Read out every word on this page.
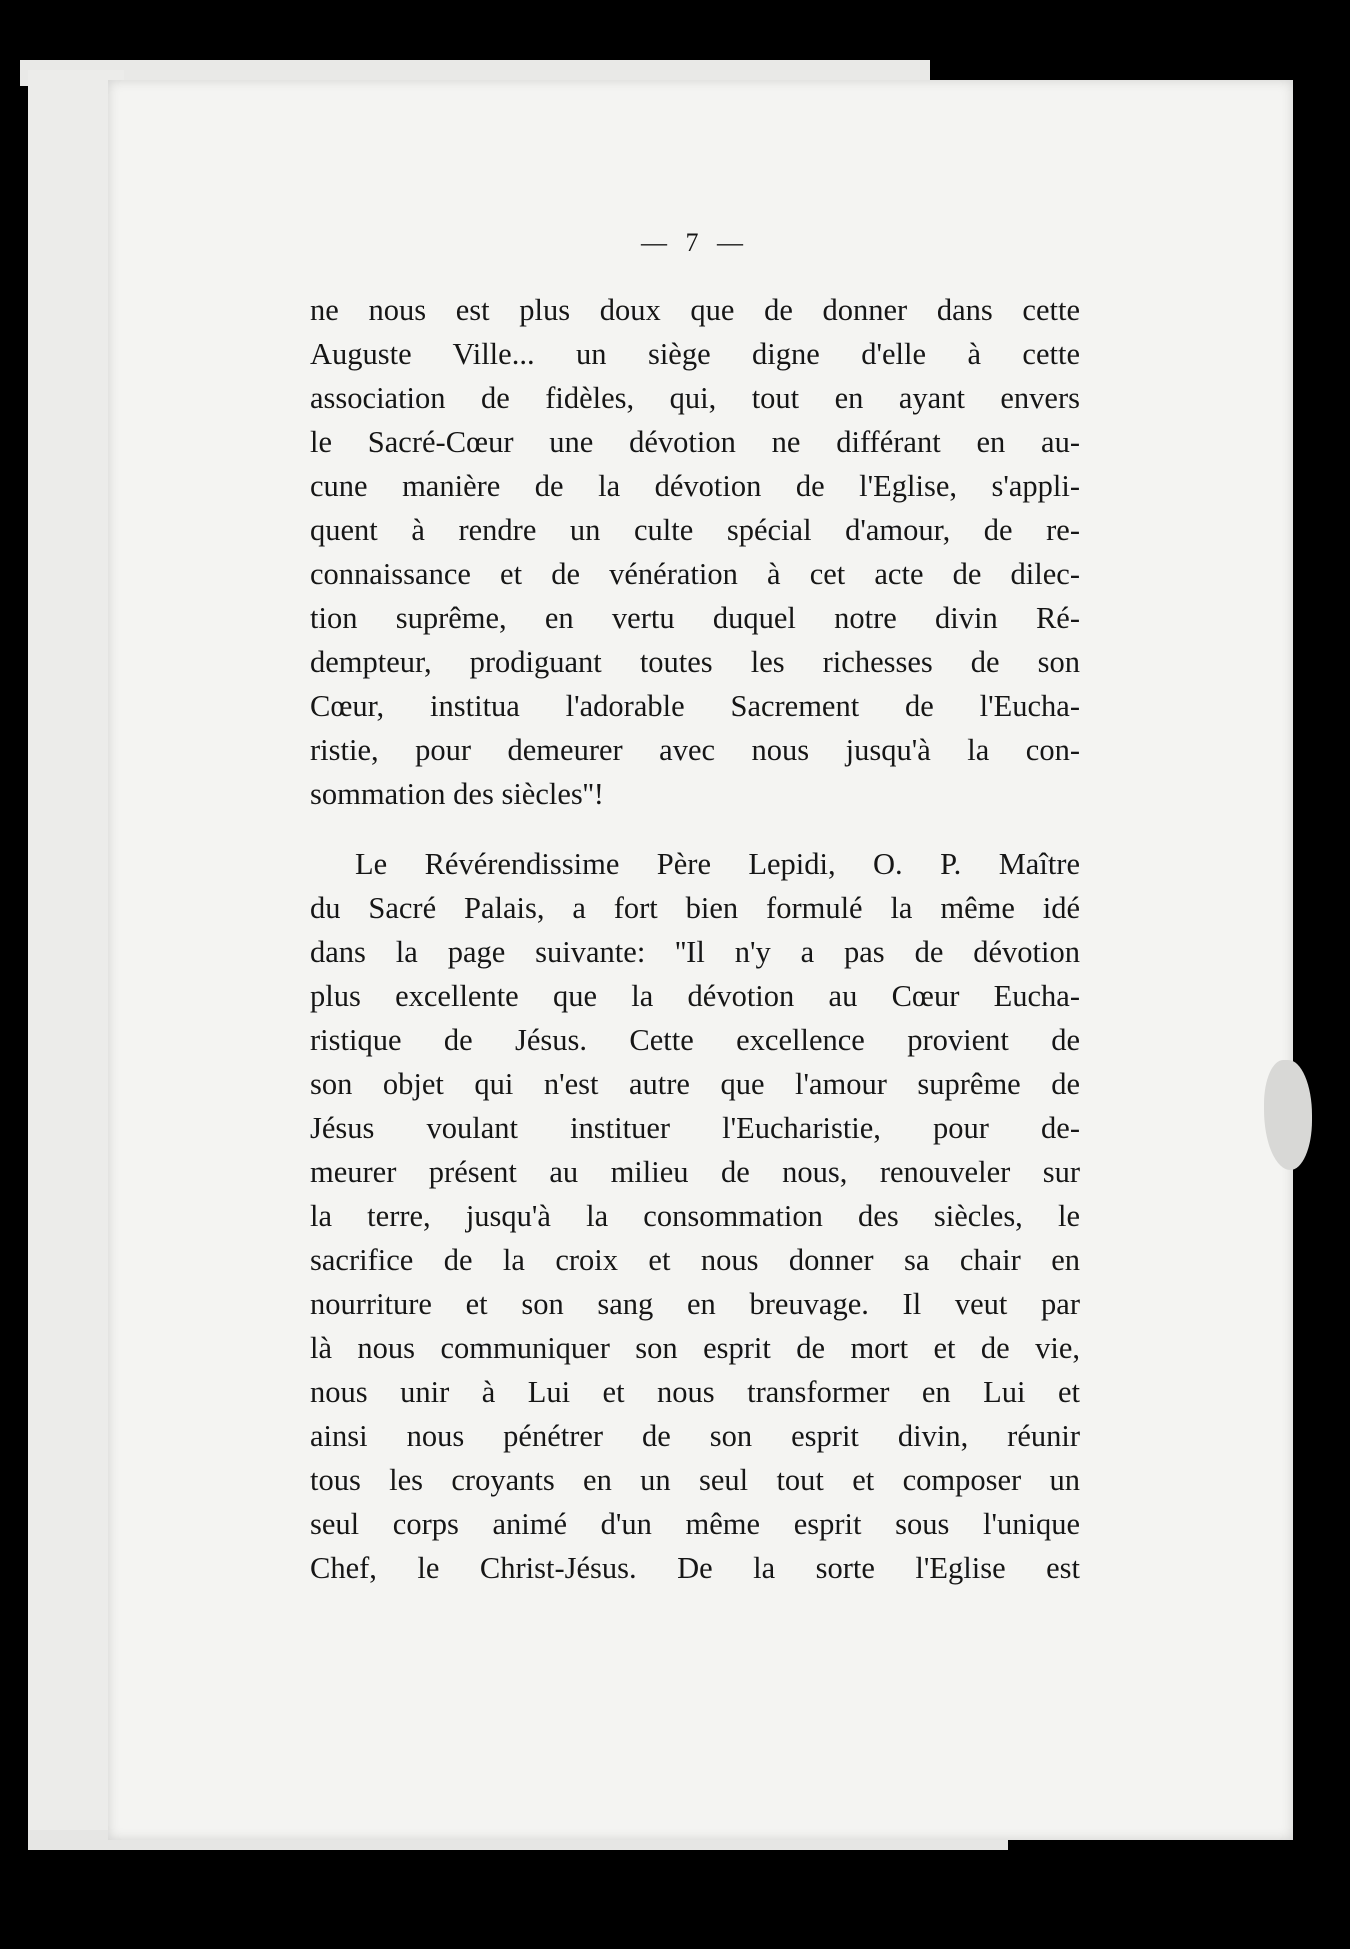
— 7 —
ne nous est plus doux que de donner dans cette
Auguste Ville... un siège digne d'elle à cette
association de fidèles, qui, tout en ayant envers
le Sacré-Cœur une dévotion ne différant en au-
cune manière de la dévotion de l'Eglise, s'appli-
quent à rendre un culte spécial d'amour, de re-
connaissance et de vénération à cet acte de dilec-
tion suprême, en vertu duquel notre divin Ré-
dempteur, prodiguant toutes les richesses de son
Cœur, institua l'adorable Sacrement de l'Eucha-
ristie, pour demeurer avec nous jusqu'à la con-
sommation des siècles''!
Le Révérendissime Père Lepidi, O. P. Maître
du Sacré Palais, a fort bien formulé la même idé
dans la page suivante: ''Il n'y a pas de dévotion
plus excellente que la dévotion au Cœur Eucha-
ristique de Jésus. Cette excellence provient de
son objet qui n'est autre que l'amour suprême de
Jésus voulant instituer l'Eucharistie, pour de-
meurer présent au milieu de nous, renouveler sur
la terre, jusqu'à la consommation des siècles, le
sacrifice de la croix et nous donner sa chair en
nourriture et son sang en breuvage. Il veut par
là nous communiquer son esprit de mort et de vie,
nous unir à Lui et nous transformer en Lui et
ainsi nous pénétrer de son esprit divin, réunir
tous les croyants en un seul tout et composer un
seul corps animé d'un même esprit sous l'unique
Chef, le Christ-Jésus. De la sorte l'Eglise est
